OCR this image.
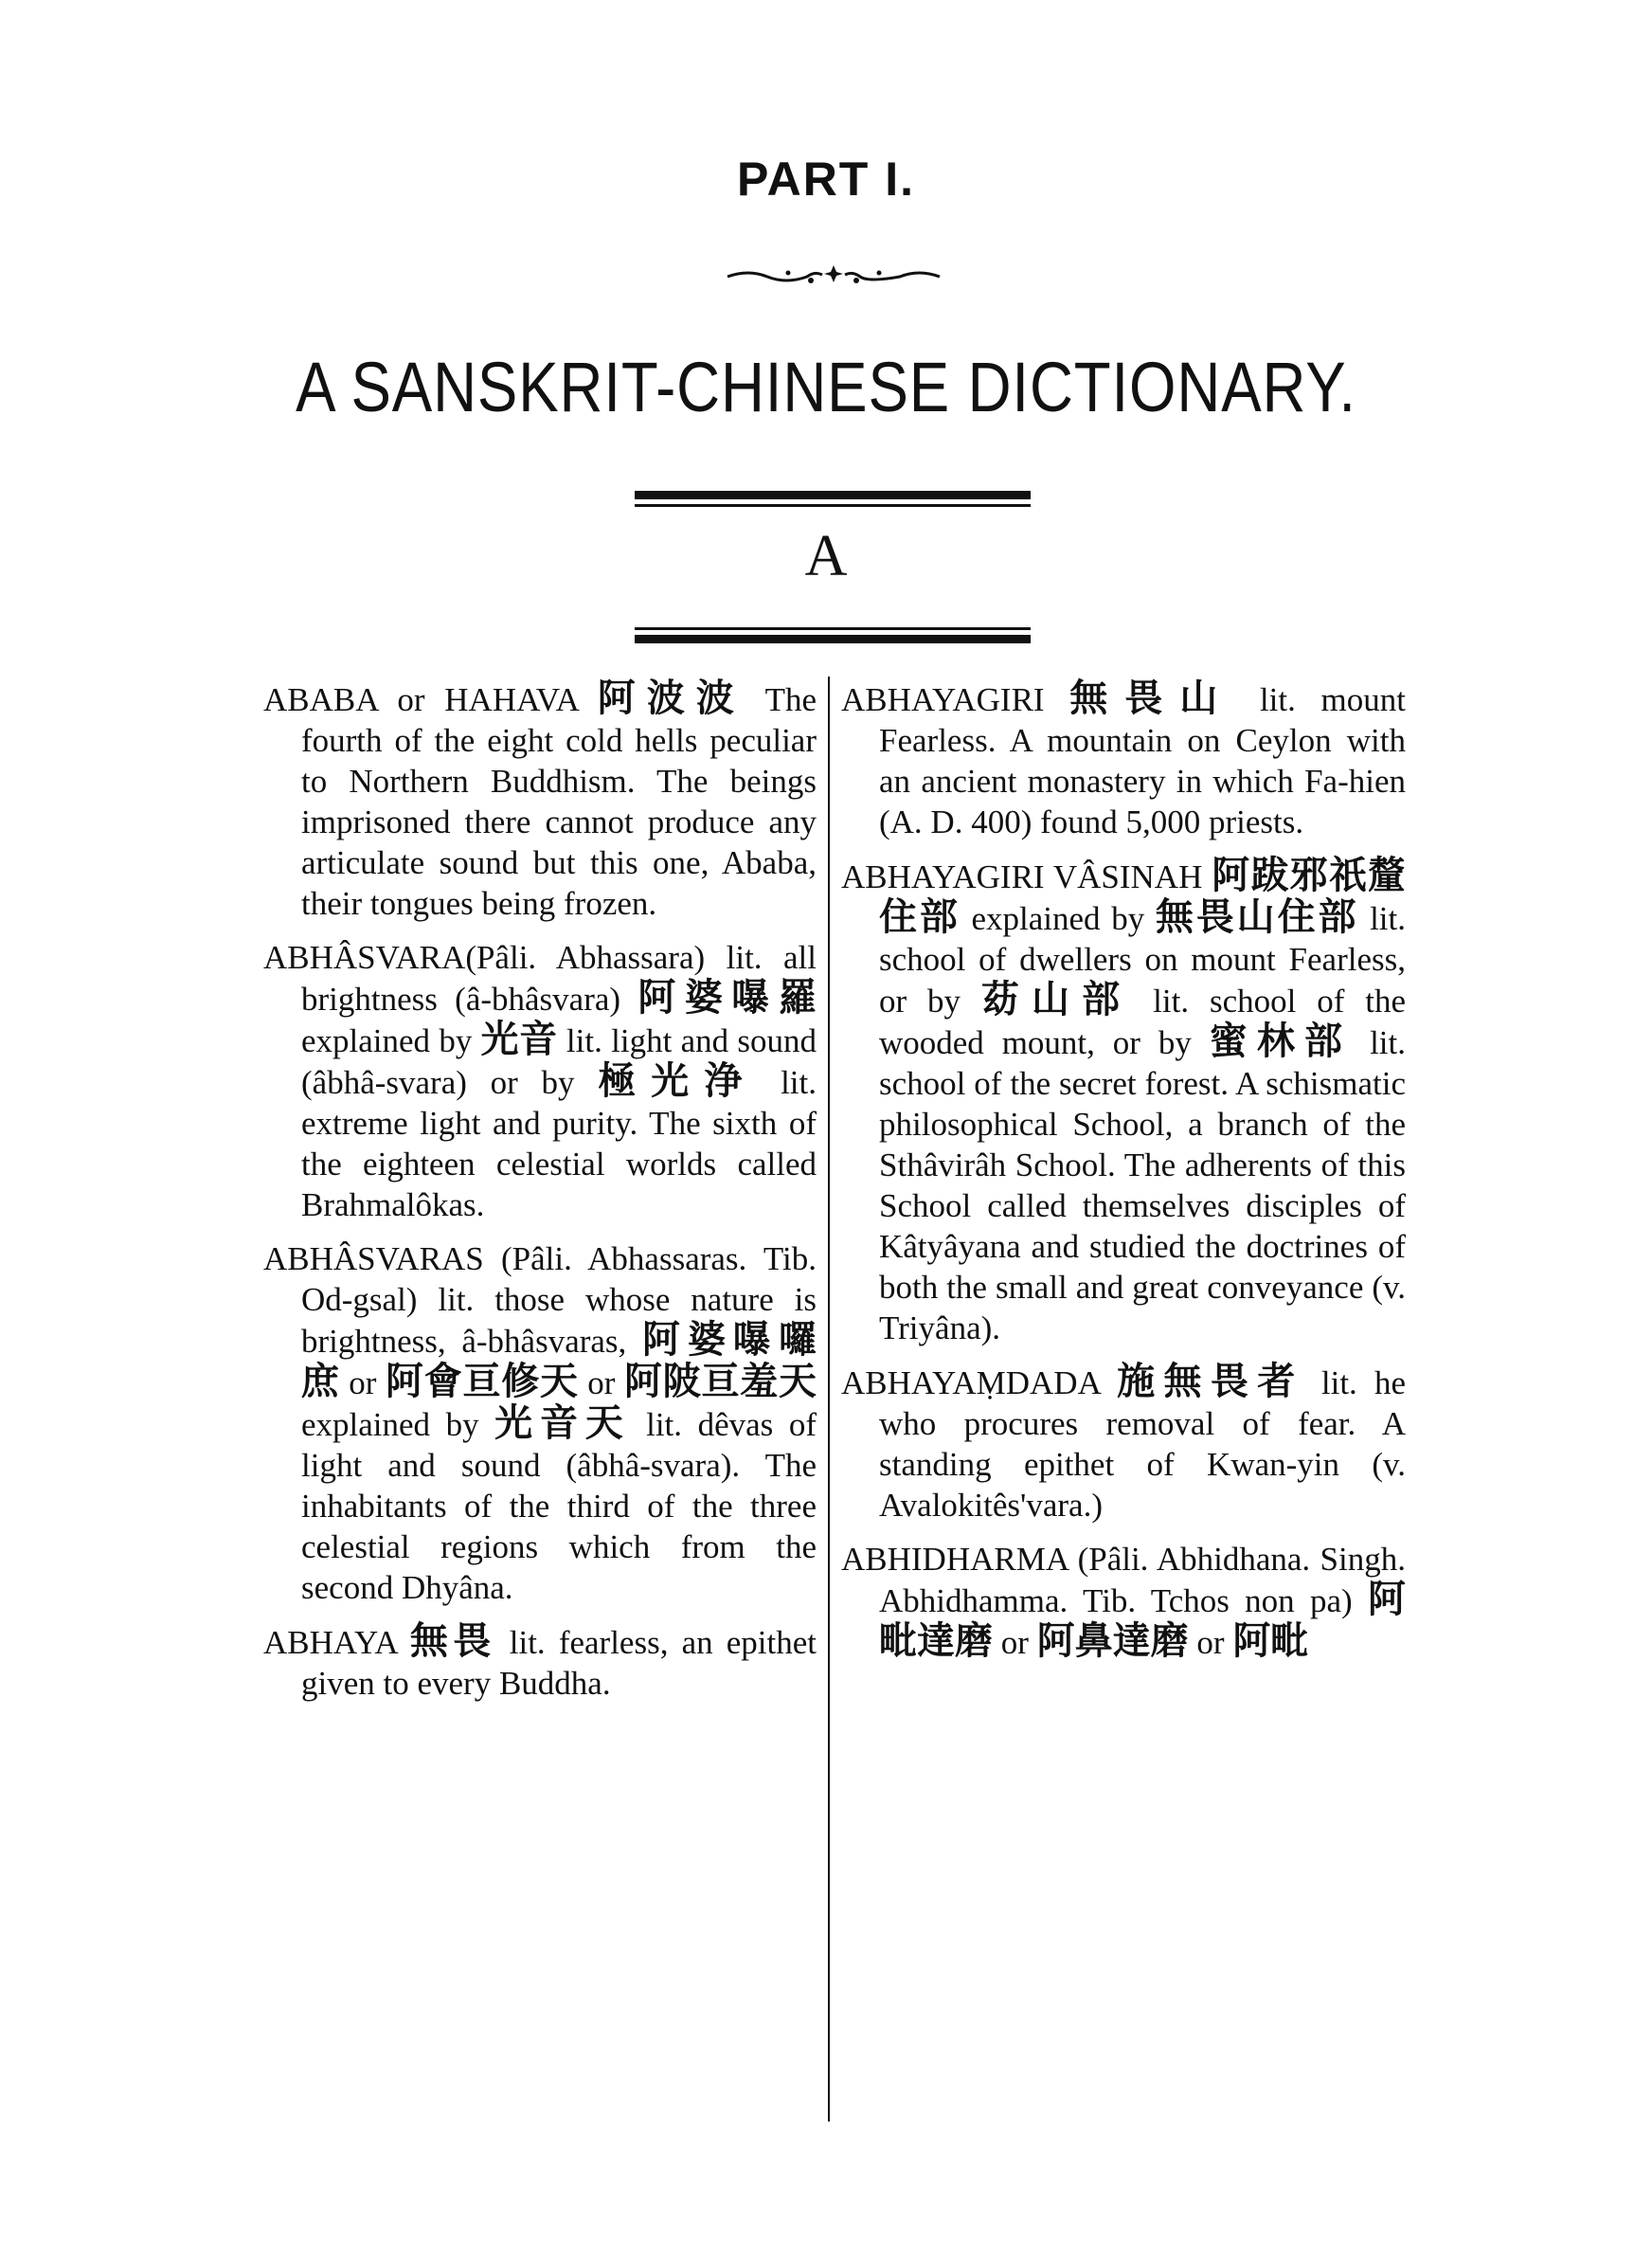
PART I.
A SANSKRIT-CHINESE DICTIONARY.
A

ABABA or HAHAVA 阿波波 The fourth of the eight cold hells peculiar to Northern Buddhism. The beings imprisoned there cannot produce any articulate sound but this one, Ababa, their tongues being frozen.

ABHÂSVARA(Pâli. Abhassara) lit. all brightness (â-bhâsvara) 阿婆嚗羅 explained by 光音 lit. light and sound (âbhâ-svara) or by 極光浄 lit. extreme light and purity. The sixth of the eighteen celestial worlds called Brahmalôkas.

ABHÂSVARAS (Pâli. Abhassaras. Tib. Od-gsal) lit. those whose nature is brightness, â-bhâsvaras, 阿婆嚗囉庶 or 阿會亘修天 or 阿陂亘羞天 explained by 光音天 lit. dêvas of light and sound (âbhâ-svara). The inhabitants of the third of the three celestial regions which from the second Dhyâna.

ABHAYA 無畏 lit. fearless, an epithet given to every Buddha.

ABHAYAGIRI 無畏山 lit. mount Fearless. A mountain on Ceylon with an ancient monastery in which Fa-hien (A. D. 400) found 5,000 priests.

ABHAYAGIRI VÂSINAH 阿跋邪祇釐住部 explained by 無畏山住部 lit. school of dwellers on mount Fearless, or by 苭山部 lit. school of the wooded mount, or by 蜜林部 lit. school of the secret forest. A schismatic philosophical School, a branch of the Sthâvirâh School. The adherents of this School called themselves disciples of Kâtyâyana and studied the doctrines of both the small and great conveyance (v. Triyâna).

ABHAYAṂDADA 施無畏者 lit. he who procures removal of fear. A standing epithet of Kwan-yin (v. Avalokitês'vara.)

ABHIDHARMA (Pâli. Abhidhana. Singh. Abhidhamma. Tib. Tchos non pa) 阿毗達磨 or 阿鼻達磨 or 阿毗
